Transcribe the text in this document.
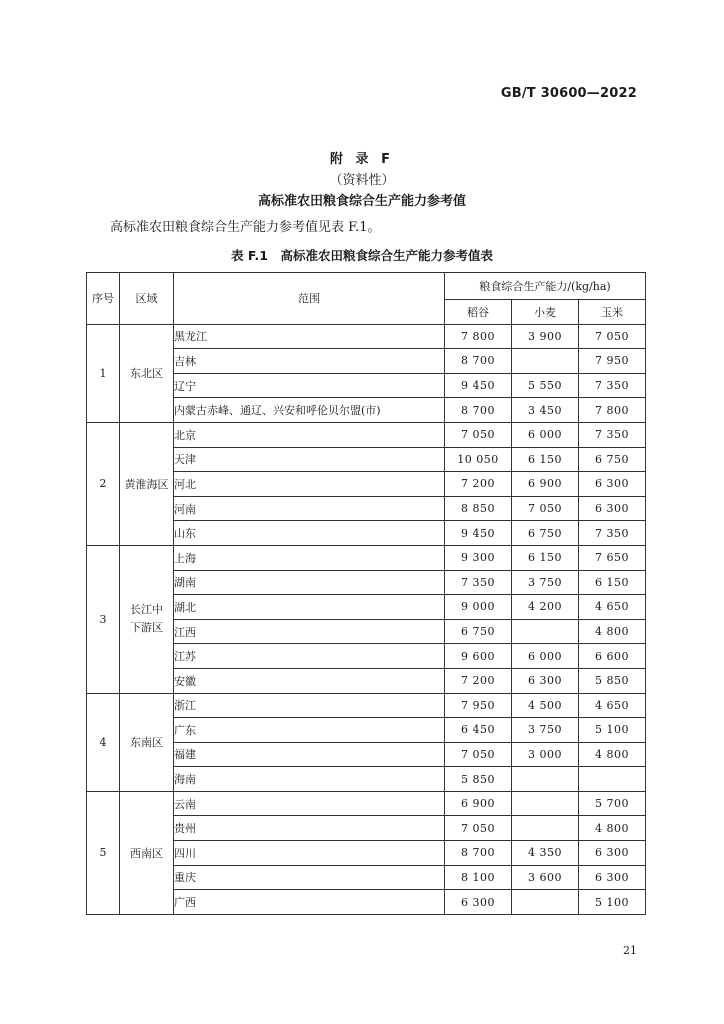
GB/T 30600—2022
附 录 F
（资料性）
高标准农田粮食综合生产能力参考值
高标准农田粮食综合生产能力参考值见表 F.1。
表 F.1　高标准农田粮食综合生产能力参考值表
序号	区域	范围	粮食综合生产能力/(kg/ha)		
			稻谷	小麦	玉米
1	东北区	黑龙江	7 800	3 900	7 050
		吉林	8 700		7 950
		辽宁	9 450	5 550	7 350
		内蒙古赤峰、通辽、兴安和呼伦贝尔盟(市)	8 700	3 450	7 800
2	黄淮海区	北京	7 050	6 000	7 350
		天津	10 050	6 150	6 750
		河北	7 200	6 900	6 300
		河南	8 850	7 050	6 300
		山东	9 450	6 750	7 350
3	长江中下游区	上海	9 300	6 150	7 650
		湖南	7 350	3 750	6 150
		湖北	9 000	4 200	4 650
		江西	6 750		4 800
		江苏	9 600	6 000	6 600
		安徽	7 200	6 300	5 850
4	东南区	浙江	7 950	4 500	4 650
		广东	6 450	3 750	5 100
		福建	7 050	3 000	4 800
		海南	5 850		
5	西南区	云南	6 900		5 700
		贵州	7 050		4 800
		四川	8 700	4 350	6 300
		重庆	8 100	3 600	6 300
		广西	6 300		5 100
21
